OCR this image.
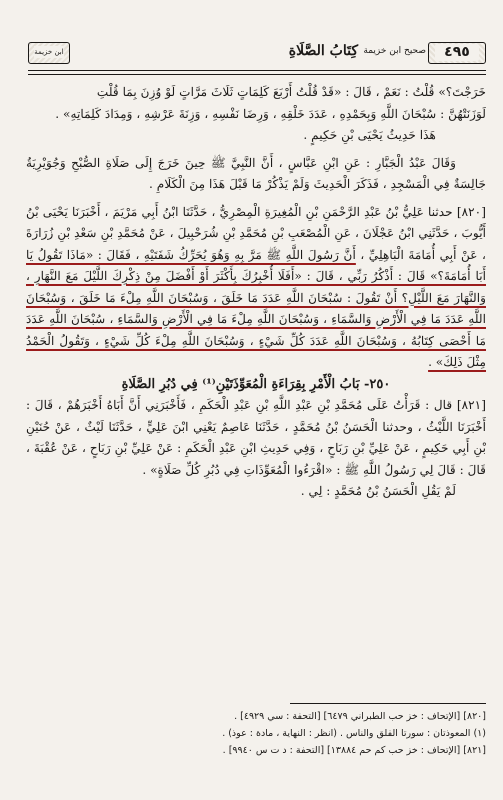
٤٩٥
صحيح ابن خزيمة
كِتَابُ الصَّلَاةِ
ابن خزيمة

خَرَجْتَ؟» قُلْتُ : نَعَمْ ، قَالَ : «قَدْ قُلْتُ أَرْبَعَ كَلِمَاتٍ ثَلَاثَ مَرَّاتٍ لَوْ وُزِنَ بِمَا قُلْتِ

لَوَزَنَتْهُنَّ : سُبْحَانَ اللَّهِ وَبِحَمْدِهِ ، عَدَدَ خَلْقِهِ ، وَرِضَا نَفْسِهِ ، وَزِنَةَ عَرْشِهِ ، وَمِدَادَ كَلِمَاتِهِ» .

هَذَا حَدِيثُ يَحْيَى بْنِ حَكِيمٍ .

وَقَالَ عَبْدُ الْجَبَّارِ : عَنِ ابْنِ عَبَّاسٍ ، أَنَّ النَّبِيَّ ﷺ حِينَ خَرَجَ إِلَى صَلَاةِ الصُّبْحِ وَجُوَيْرِيَةُ جَالِسَةٌ فِي الْمَسْجِدِ ، فَذَكَرَ الْحَدِيثَ وَلَمْ يَذْكُرْ مَا قَبْلَ هَذَا مِنَ الْكَلَامِ .

[٨٢٠] حدثنا عَلِيُّ بْنُ عَبْدِ الرَّحْمَنِ بْنِ الْمُغِيرَةِ الْمِصْرِيُّ ، حَدَّثَنَا ابْنُ أَبِي مَرْيَمَ ، أَخْبَرَنَا يَحْيَى بْنُ أَيُّوبَ ، حَدَّثَنِي ابْنُ عَجْلَانَ ، عَنِ الْمُصْعَبِ بْنِ مُحَمَّدِ بْنِ شُرَحْبِيلَ ، عَنْ مُحَمَّدِ بْنِ سَعْدِ بْنِ زُرَارَةَ ، عَنْ أَبِي أُمَامَةَ الْبَاهِلِيِّ ، أَنَّ رَسُولَ اللَّهِ ﷺ مَرَّ بِهِ وَهُوَ يُحَرِّكُ شَفَتَيْهِ ، فَقَالَ : «مَاذَا تَقُولُ يَا أَبَا أُمَامَةَ؟» قَالَ : أَذْكُرُ رَبِّي ، قَالَ : «أَفَلَا أُخْبِرُكَ بِأَكْثَرَ أَوْ أَفْضَلَ مِنْ ذِكْرِكَ اللَّيْلَ مَعَ النَّهَارِ ، وَالنَّهَارَ مَعَ اللَّيْلِ؟ أَنْ تَقُولَ : سُبْحَانَ اللَّهِ عَدَدَ مَا خَلَقَ ، وَسُبْحَانَ اللَّهِ مِلْءَ مَا خَلَقَ ، وَسُبْحَانَ اللَّهِ عَدَدَ مَا فِي الْأَرْضِ وَالسَّمَاءِ ، وَسُبْحَانَ اللَّهِ مِلْءَ مَا فِي الْأَرْضِ وَالسَّمَاءِ ، سُبْحَانَ اللَّهِ عَدَدَ مَا أَحْصَى كِتَابُهُ ، وَسُبْحَانَ اللَّهِ عَدَدَ كُلِّ شَيْءٍ ، وَسُبْحَانَ اللَّهِ مِلْءَ كُلِّ شَيْءٍ ، وَتَقُولُ الْحَمْدُ مِثْلَ ذَلِكَ» .

٢٥٠- بَابُ الْأَمْرِ بِقِرَاءَةِ الْمُعَوِّذَتَيْنِ⁽¹⁾ فِي دُبُرِ الصَّلَاةِ

[٨٢١] قال : قَرَأْتُ عَلَى مُحَمَّدِ بْنِ عَبْدِ اللَّهِ بْنِ عَبْدِ الْحَكَمِ ، فَأَخْبَرَنِي أَنَّ أَبَاهُ أَخْبَرَهُمْ ، قَالَ : أَخْبَرَنَا اللَّيْثُ ، وحدثنا الْحَسَنُ بْنُ مُحَمَّدٍ ، حَدَّثَنَا عَاصِمٌ يَعْنِي ابْنَ عَلِيٍّ ، حَدَّثَنَا لَيْثٌ ، عَنْ حُنَيْنِ بْنِ أَبِي حَكِيمٍ ، عَنْ عَلِيِّ بْنِ رَبَاحٍ ، وَفِي حَدِيثِ ابْنِ عَبْدِ الْحَكَمِ : عَنْ عَلِيِّ بْنِ رَبَاحٍ ، عَنْ عُقْبَةَ ، قَالَ : قَالَ لِي رَسُولُ اللَّهِ ﷺ : «اقْرَءُوا الْمُعَوِّذَاتِ فِي دُبُرِ كُلِّ صَلَاةٍ» .

لَمْ يَقُلِ الْحَسَنُ بْنُ مُحَمَّدٍ : لِي .

[٨٢٠] [الإتحاف : خز حب الطبراني ٦٤٧٩] [التحفة : سي ٤٩٢٩] .

(١) المعوذتان : سورتا الفلق والناس . (انظر : النهاية ، مادة : عوذ) .

[٨٢١] [الإتحاف : خز حب كم حم ١٣٨٨٤] [التحفة : د ت س ٩٩٤٠] .
